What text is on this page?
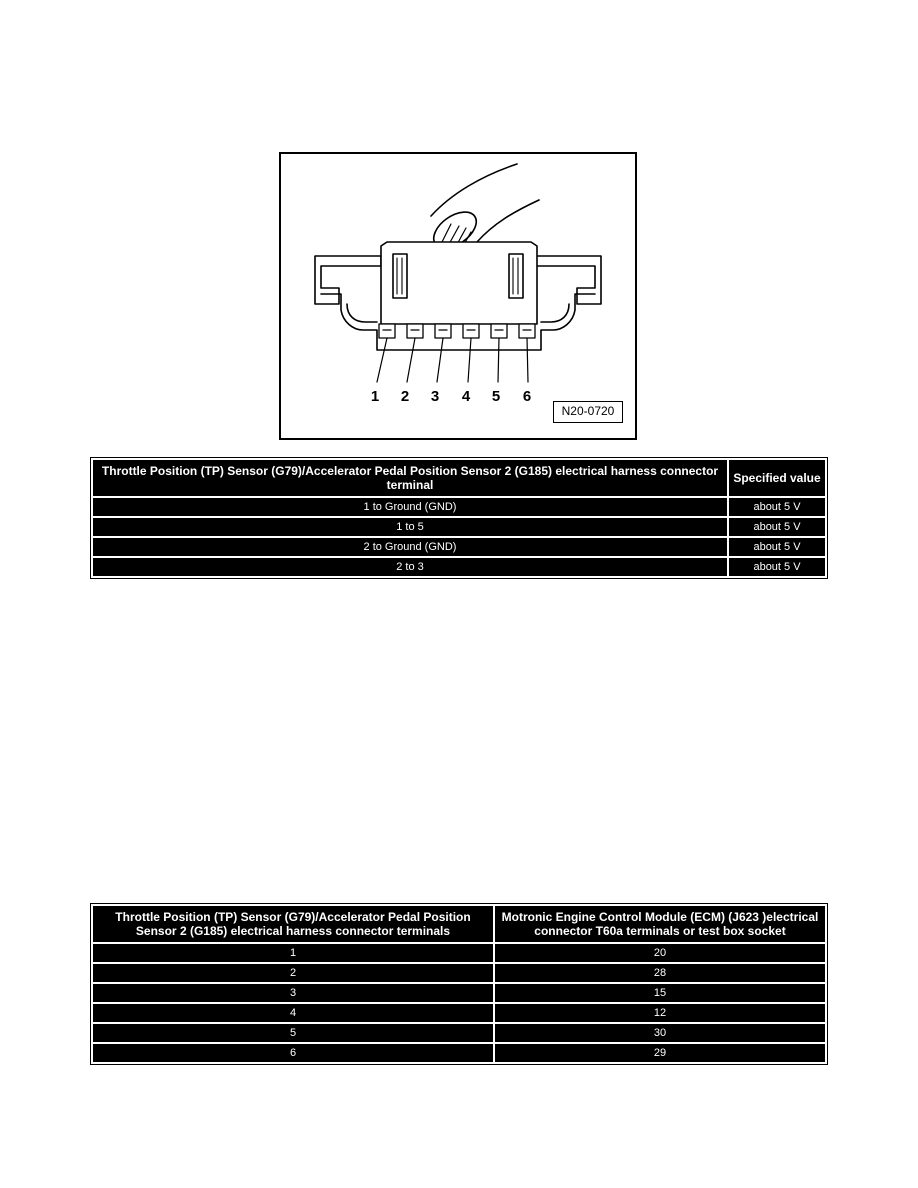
1 2 3 4 5 6
N20-0720
Throttle Position (TP) Sensor (G79)/Accelerator Pedal Position Sensor 2 (G185) electrical harness connector terminal	Specified value
1 to Ground (GND)	about 5 V
1 to 5	about 5 V
2 to Ground (GND)	about 5 V
2 to 3	about 5 V
Throttle Position (TP) Sensor (G79)/Accelerator Pedal Position Sensor 2 (G185) electrical harness connector terminals	Motronic Engine Control Module (ECM) (J623 )electrical connector T60a terminals or test box socket
1	20
2	28
3	15
4	12
5	30
6	29
